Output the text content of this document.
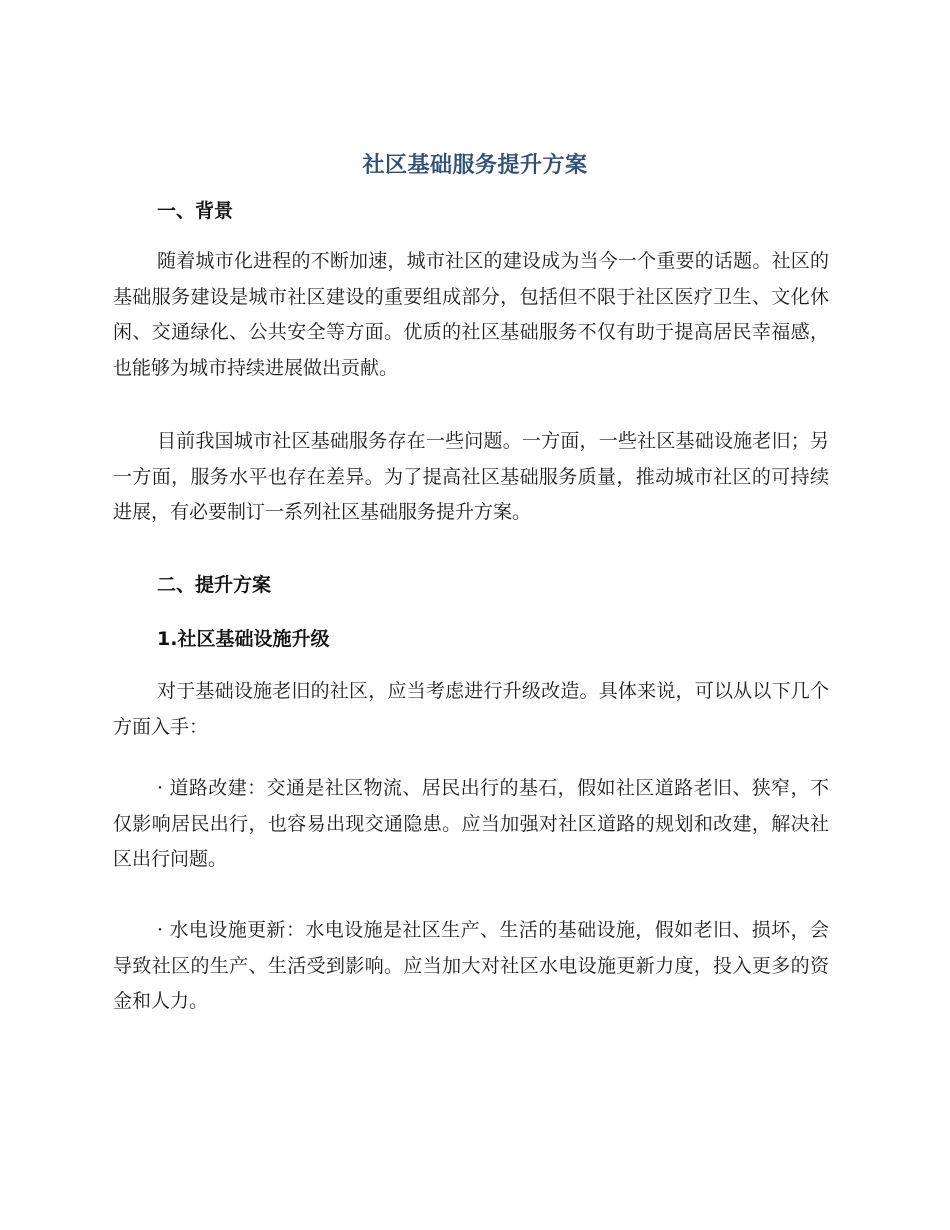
社区基础服务提升方案
一、背景

随着城市化进程的不断加速，城市社区的建设成为当今一个重要的话题。社区的基础服务建设是城市社区建设的重要组成部分，包括但不限于社区医疗卫生、文化休闲、交通绿化、公共安全等方面。优质的社区基础服务不仅有助于提高居民幸福感，也能够为城市持续进展做出贡献。

目前我国城市社区基础服务存在一些问题。一方面，一些社区基础设施老旧；另一方面，服务水平也存在差异。为了提高社区基础服务质量，推动城市社区的可持续进展，有必要制订一系列社区基础服务提升方案。

二、提升方案
1.社区基础设施升级

对于基础设施老旧的社区，应当考虑进行升级改造。具体来说，可以从以下几个方面入手：

· 道路改建：交通是社区物流、居民出行的基石，假如社区道路老旧、狭窄，不仅影响居民出行，也容易出现交通隐患。应当加强对社区道路的规划和改建，解决社区出行问题。

· 水电设施更新：水电设施是社区生产、生活的基础设施，假如老旧、损坏，会导致社区的生产、生活受到影响。应当加大对社区水电设施更新力度，投入更多的资金和人力。
